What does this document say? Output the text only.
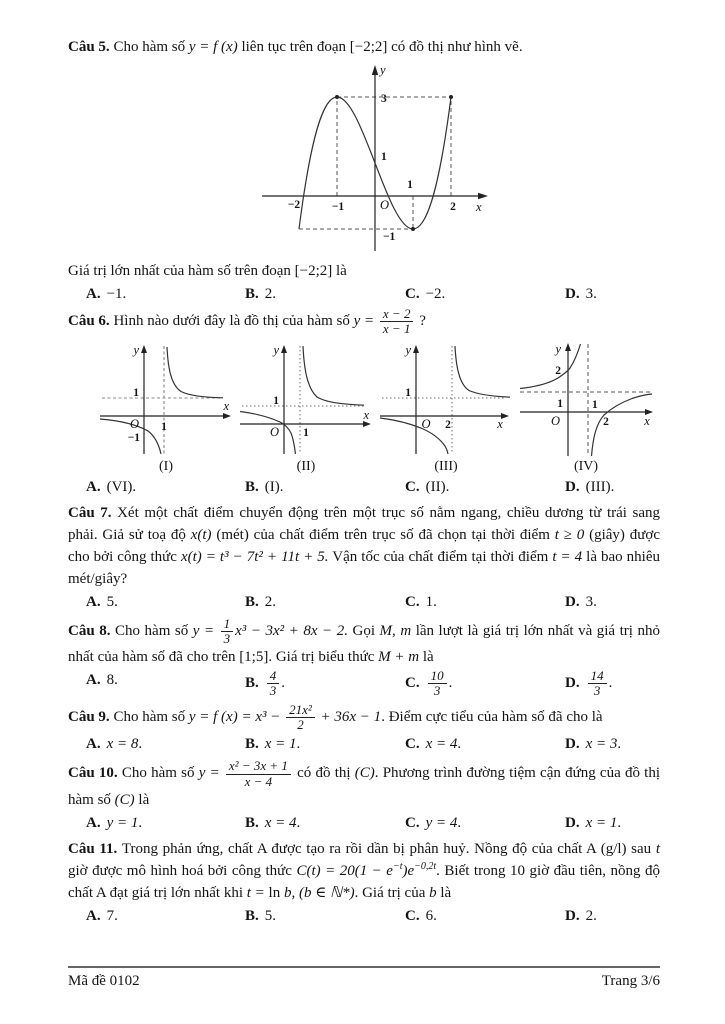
Câu 5. Cho hàm số y = f (x) liên tục trên đoạn [−2;2] có đồ thị như hình vẽ.

y
x
O
3
1
−1
−2	−1
1
2

Giá trị lớn nhất của hàm số trên đoạn [−2;2] là

A. −1.	B. 2.	C. −2.	D. 3.

Câu 6. Hình nào dưới đây là đồ thị của hàm số $y = \frac{x - 2}{x - 1}$ ?

y
x
1
O 1
−1
(I)
y
x
1
O 1
(II)
y
x
1
O 2
(III)
y
x
2
1
O
1
2
(IV)
A. (VI).	B. (I).	C. (II).	D. (III).

Câu 7. Xét một chất điểm chuyển động trên một trục số nằm ngang, chiều dương từ trái sang phải. Giả sử toạ độ x(t) (mét) của chất điểm trên trục số đã chọn tại thời điểm t ≥ 0 (giây) được cho bởi công thức x(t) = t³ − 7t² + 11t + 5. Vận tốc của chất điểm tại thời điểm t = 4 là bao nhiêu mét/giây?

A. 5.	B. 2.	C. 1.	D. 3.

Câu 8. Cho hàm số $y = \frac{1}{3} x^3 - 3x^2 + 8x - 2$. Gọi M, m lần lượt là giá trị lớn nhất và giá trị nhỏ nhất của hàm số đã cho trên [1;5]. Giá trị biểu thức M + m là

A. 8.	B. $\frac{4}{3}$ .	C. $\frac{10}{3}$ .	D. $\frac{14}{3}$ .

Câu 9. Cho hàm số y = f $(x) = x^3 - \frac{\text{21x²}}{2} + 36x - 1$. Điểm cực tiểu của hàm số đã cho là

A. x = 8.	B. x = 1.	C. x = 4.	D. x = 3.

Câu 10. Cho hàm số $y = \frac{\text{x² − 3x + 1}}{x - 4}$ có đồ thị (C). Phương trình đường tiệm cận đứng của đồ thị hàm số (C) là

A. y = 1.	B. x = 4.	C. y = 4.	D. x = 1.

Câu 11. Trong phản ứng, chất A được tạo ra rồi dần bị phân huỷ. Nồng độ của chất A (g/l) sau t giờ được mô hình hoá bởi công thức $C(t) = 20(1 - e^{-t})e^{-0,2t}$. Biết trong 10 giờ đầu tiên, nồng độ chất A đạt giá trị lớn nhất khi t = ln b, (b ∈ ℕ*). Giá trị của b là

A. 7.	B. 5.	C. 6.	D. 2.
Mã đề 0102	Trang 3/6
